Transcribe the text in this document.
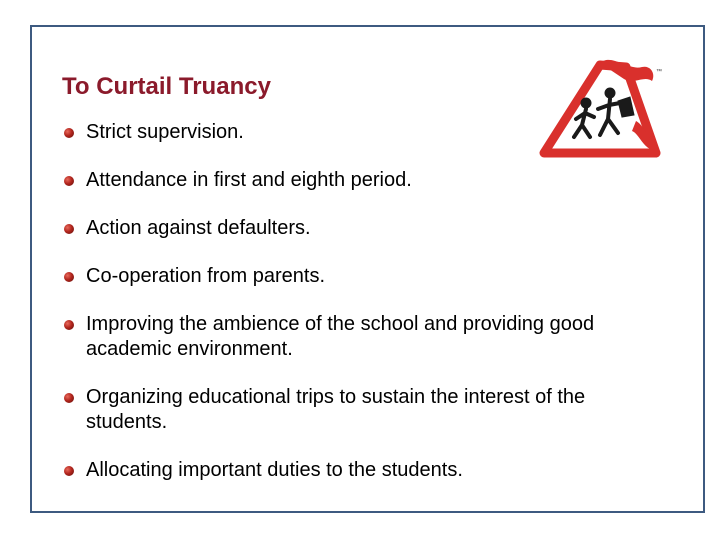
To Curtail Truancy
Strict supervision.
Attendance in first and eighth period.
Action against defaulters.
Co-operation from parents.
Improving the ambience of the school and providing good academic environment.
Organizing educational trips to sustain the interest of the students.
Allocating important duties to the students.
™
